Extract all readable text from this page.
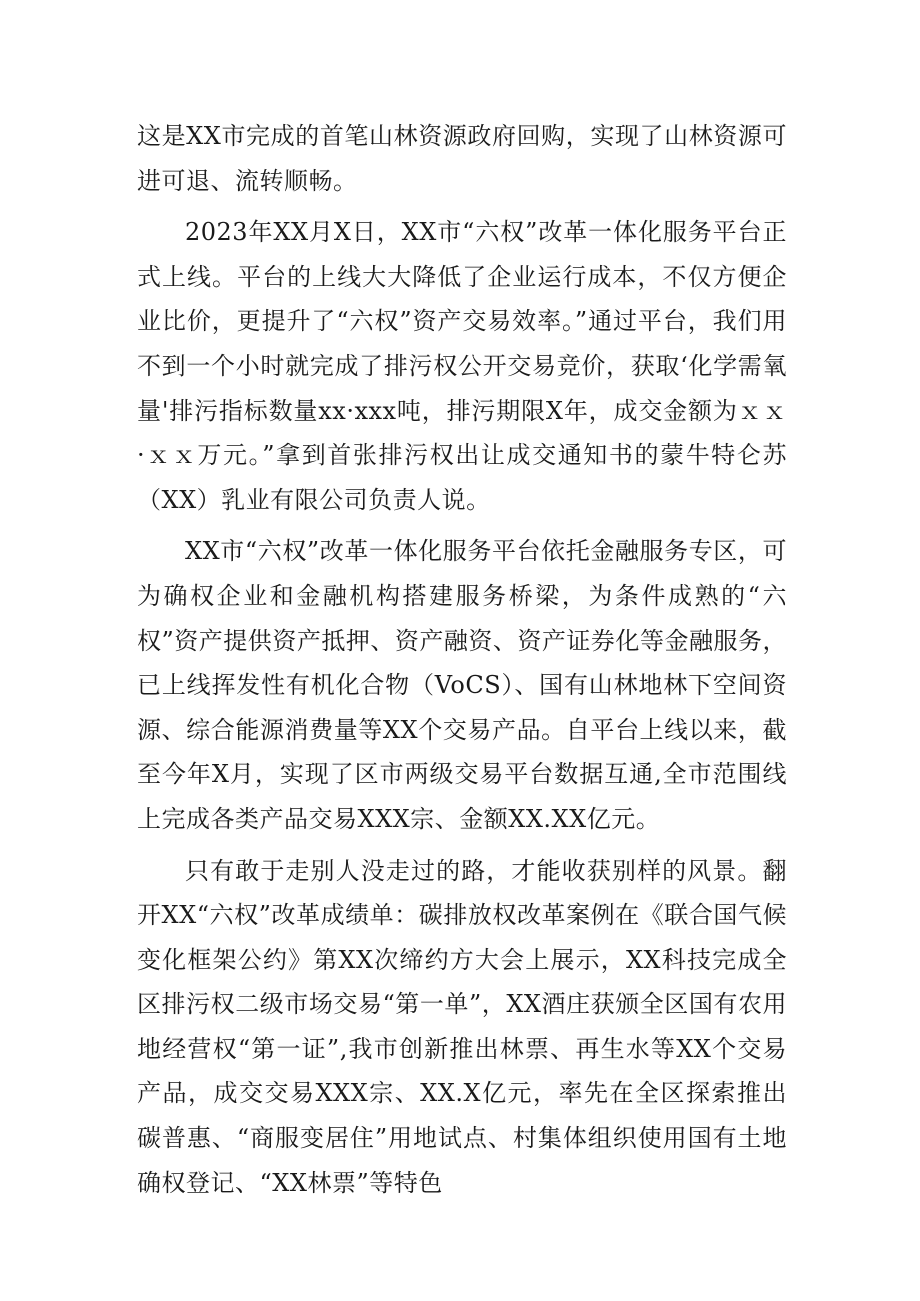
这是XX市完成的首笔山林资源政府回购，实现了山林资源可进可退、流转顺畅。

2023年XX月X日，XX市“六权”改革一体化服务平台正式上线。平台的上线大大降低了企业运行成本，不仅方便企业比价，更提升了“六权”资产交易效率。”通过平台，我们用不到一个小时就完成了排污权公开交易竞价，获取‘化学需氧量'排污指标数量xx·xxx吨，排污期限X年，成交金额为ｘｘ·ｘｘ万元。”拿到首张排污权出让成交通知书的蒙牛特仑苏（XX）乳业有限公司负责人说。

XX市“六权”改革一体化服务平台依托金融服务专区，可为确权企业和金融机构搭建服务桥梁，为条件成熟的“六权”资产提供资产抵押、资产融资、资产证券化等金融服务，已上线挥发性有机化合物（VoCS）、国有山林地林下空间资源、综合能源消费量等XX个交易产品。自平台上线以来，截至今年X月，实现了区市两级交易平台数据互通,全市范围线上完成各类产品交易XXX宗、金额XX.XX亿元。

只有敢于走别人没走过的路，才能收获别样的风景。翻开XX“六权”改革成绩单：碳排放权改革案例在《联合国气候变化框架公约》第XX次缔约方大会上展示，XX科技完成全区排污权二级市场交易“第一单”，XX酒庄获颁全区国有农用地经营权“第一证”,我市创新推出林票、再生水等XX个交易产品，成交交易XXX宗、XX.X亿元，率先在全区探索推出碳普惠、“商服变居住”用地试点、村集体组织使用国有土地确权登记、“XX林票”等特色
